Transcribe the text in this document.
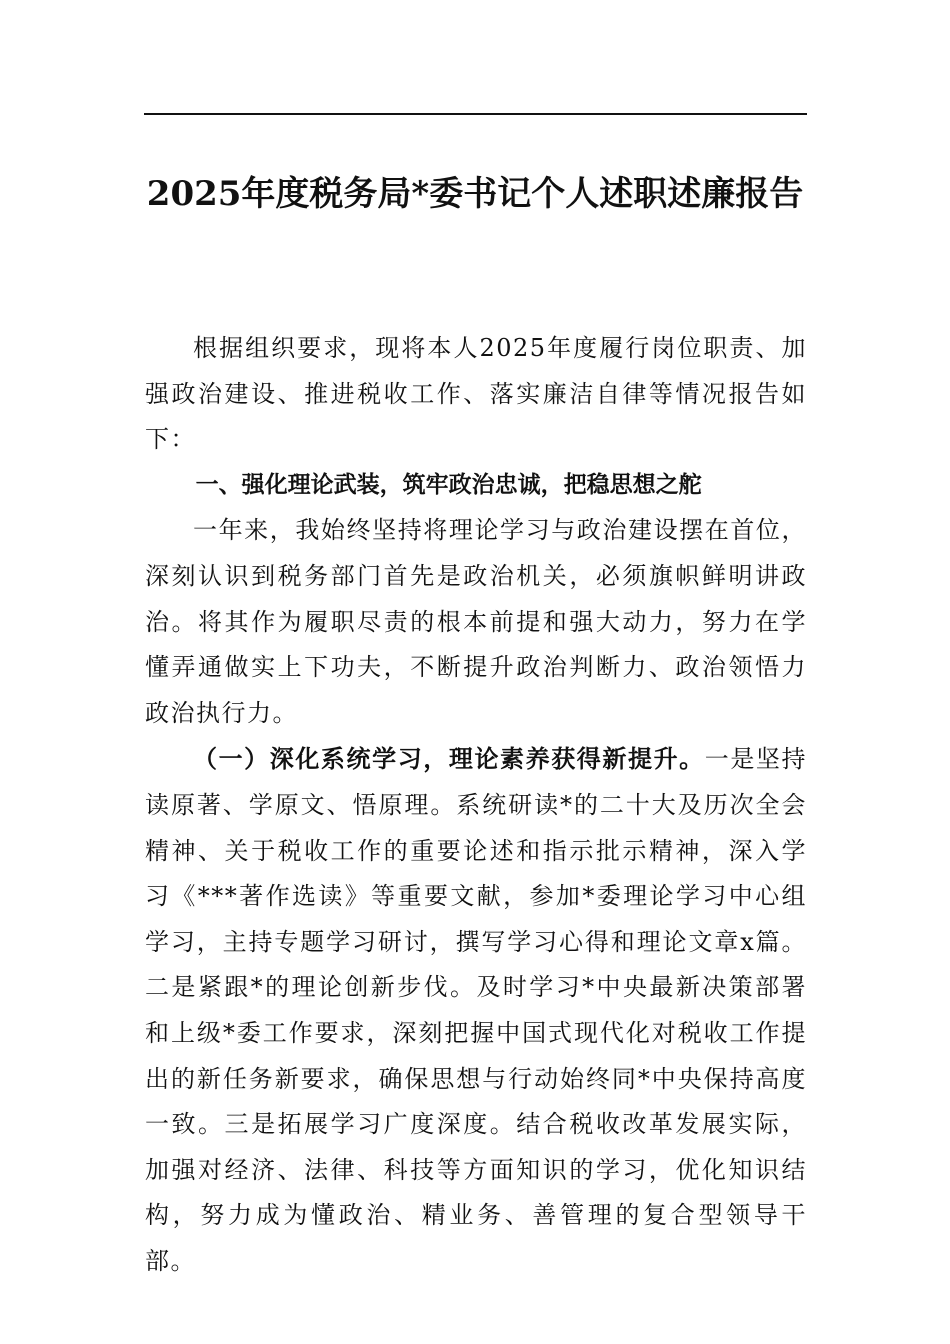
2025年度税务局*委书记个人述职述廉报告

根据组织要求，现将本人2025年度履行岗位职责、加强政治建设、推进税收工作、落实廉洁自律等情况报告如下：

一、强化理论武装，筑牢政治忠诚，把稳思想之舵

一年来，我始终坚持将理论学习与政治建设摆在首位，深刻认识到税务部门首先是政治机关，必须旗帜鲜明讲政治。将其作为履职尽责的根本前提和强大动力，努力在学懂弄通做实上下功夫，不断提升政治判断力、政治领悟力政治执行力。

（一）深化系统学习，理论素养获得新提升。一是坚持读原著、学原文、悟原理。系统研读*的二十大及历次全会精神、关于税收工作的重要论述和指示批示精神，深入学习《***著作选读》等重要文献，参加*委理论学习中心组学习，主持专题学习研讨，撰写学习心得和理论文章x篇。二是紧跟*的理论创新步伐。及时学习*中央最新决策部署和上级*委工作要求，深刻把握中国式现代化对税收工作提出的新任务新要求，确保思想与行动始终同*中央保持高度一致。三是拓展学习广度深度。结合税收改革发展实际，加强对经济、法律、科技等方面知识的学习，优化知识结构，努力成为懂政治、精业务、善管理的复合型领导干部。
